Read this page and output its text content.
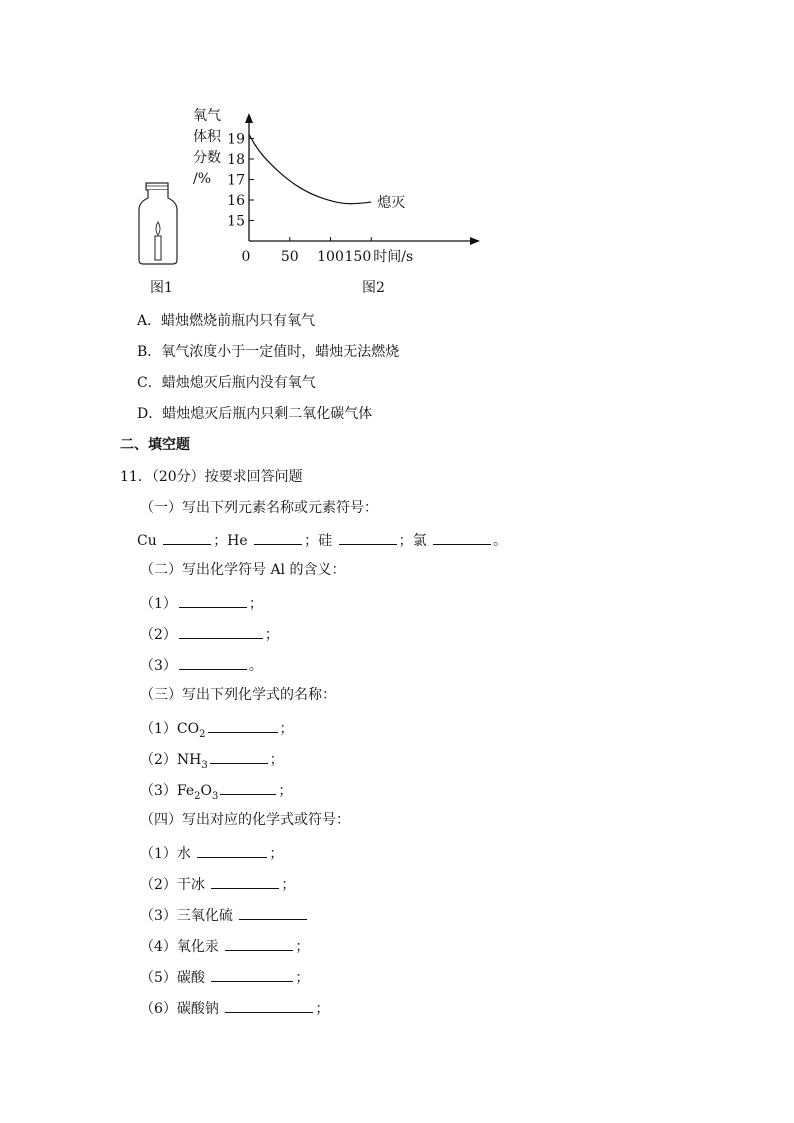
图1
氧气
体积
分数
/%
15
16
17
18
19
0 50 100 150 时间/s
熄灭
图2
A．蜡烛燃烧前瓶内只有氧气
B．氧气浓度小于一定值时，蜡烛无法燃烧
C．蜡烛熄灭后瓶内没有氧气
D．蜡烛熄灭后瓶内只剩二氧化碳气体
二、填空题
11．（20分）按要求回答问题
（一）写出下列元素名称或元素符号：
Cu	；He	；硅	；氯	。
（二）写出化学符号 Al 的含义：
（1）	；
（2）	；
（3）	。
（三）写出下列化学式的名称：
$(1)CO_2$	；
$(2)NH_3$	；
$(3)Fe_2O_3$	；
（四）写出对应的化学式或符号：
（1）水	；
（2）干冰	；
（3）三氧化硫
（4）氧化汞	；
（5）碳酸	；
（6）碳酸钠	；
